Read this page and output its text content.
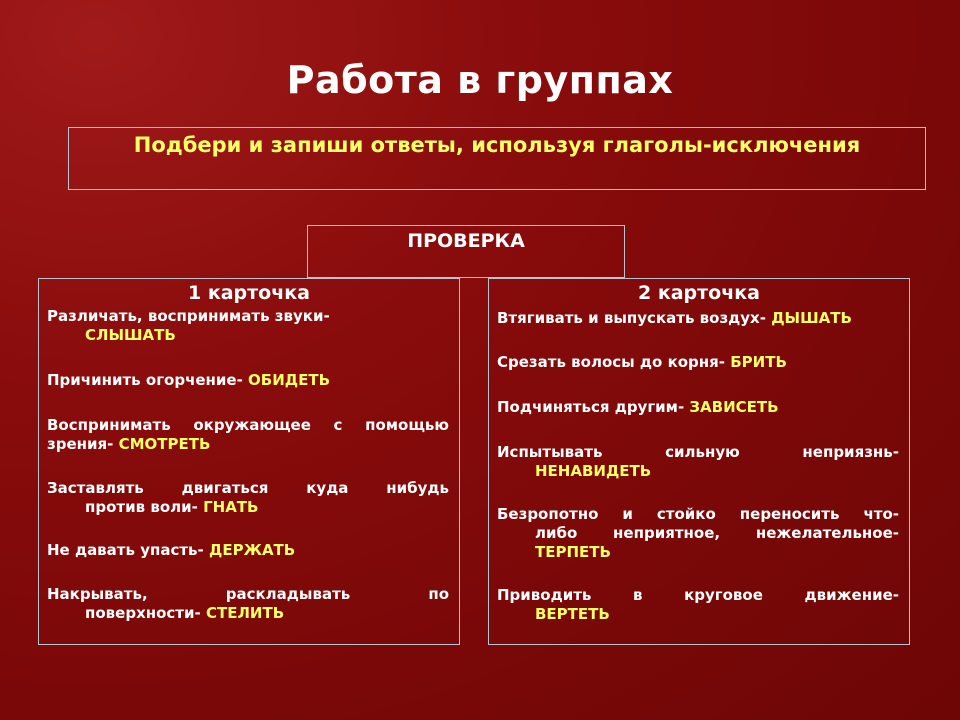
Работа в группах
Подбери и запиши ответы, используя глаголы-исключения
ПРОВЕРКА
1 карточка
Различать, воспринимать звуки-
СЛЫШАТЬ
Причинить огорчение- ОБИДЕТЬ
Воспринимать окружающее с помощью зрения- СМОТРЕТЬ
Заставлять двигаться куда нибудь
против воли- ГНАТЬ
Не давать упасть- ДЕРЖАТЬ
Накрывать, раскладывать по
поверхности- СТЕЛИТЬ
2 карточка
Втягивать и выпускать воздух- ДЫШАТЬ
Срезать волосы до корня- БРИТЬ
Подчиняться другим- ЗАВИСЕТЬ
Испытывать сильную неприязнь-
НЕНАВИДЕТЬ
Безропотно и стойко переносить что-
либо неприятное, нежелательное-
ТЕРПЕТЬ
Приводить в круговое движение-
ВЕРТЕТЬ
